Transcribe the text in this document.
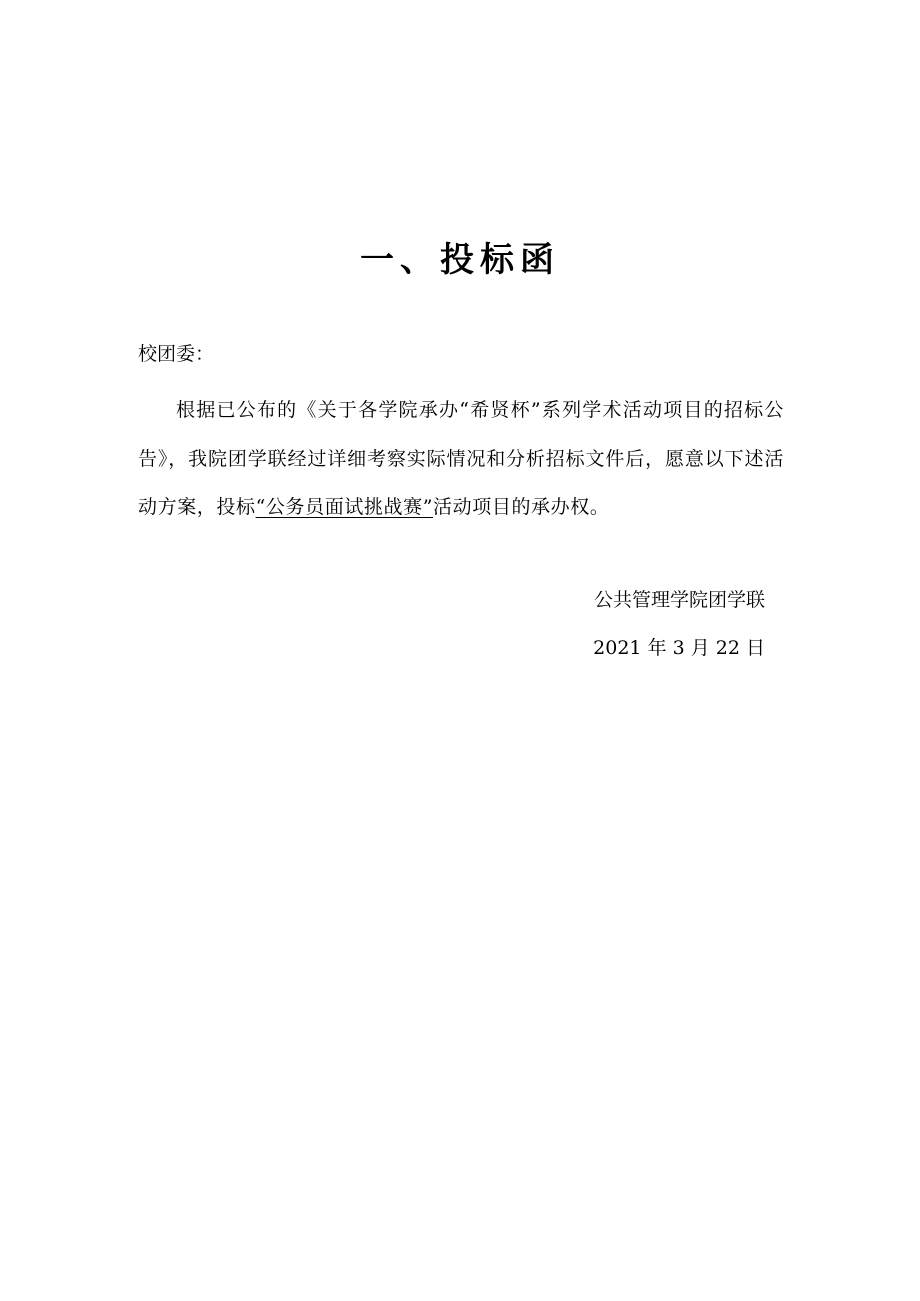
一、投标函
校团委：
根据已公布的《关于各学院承办“希贤杯”系列学术活动项目的招标公告》，我院团学联经过详细考察实际情况和分析招标文件后，愿意以下述活动方案，投标“公务员面试挑战赛”活动项目的承办权。
公共管理学院团学联
2021 年 3 月 22 日
